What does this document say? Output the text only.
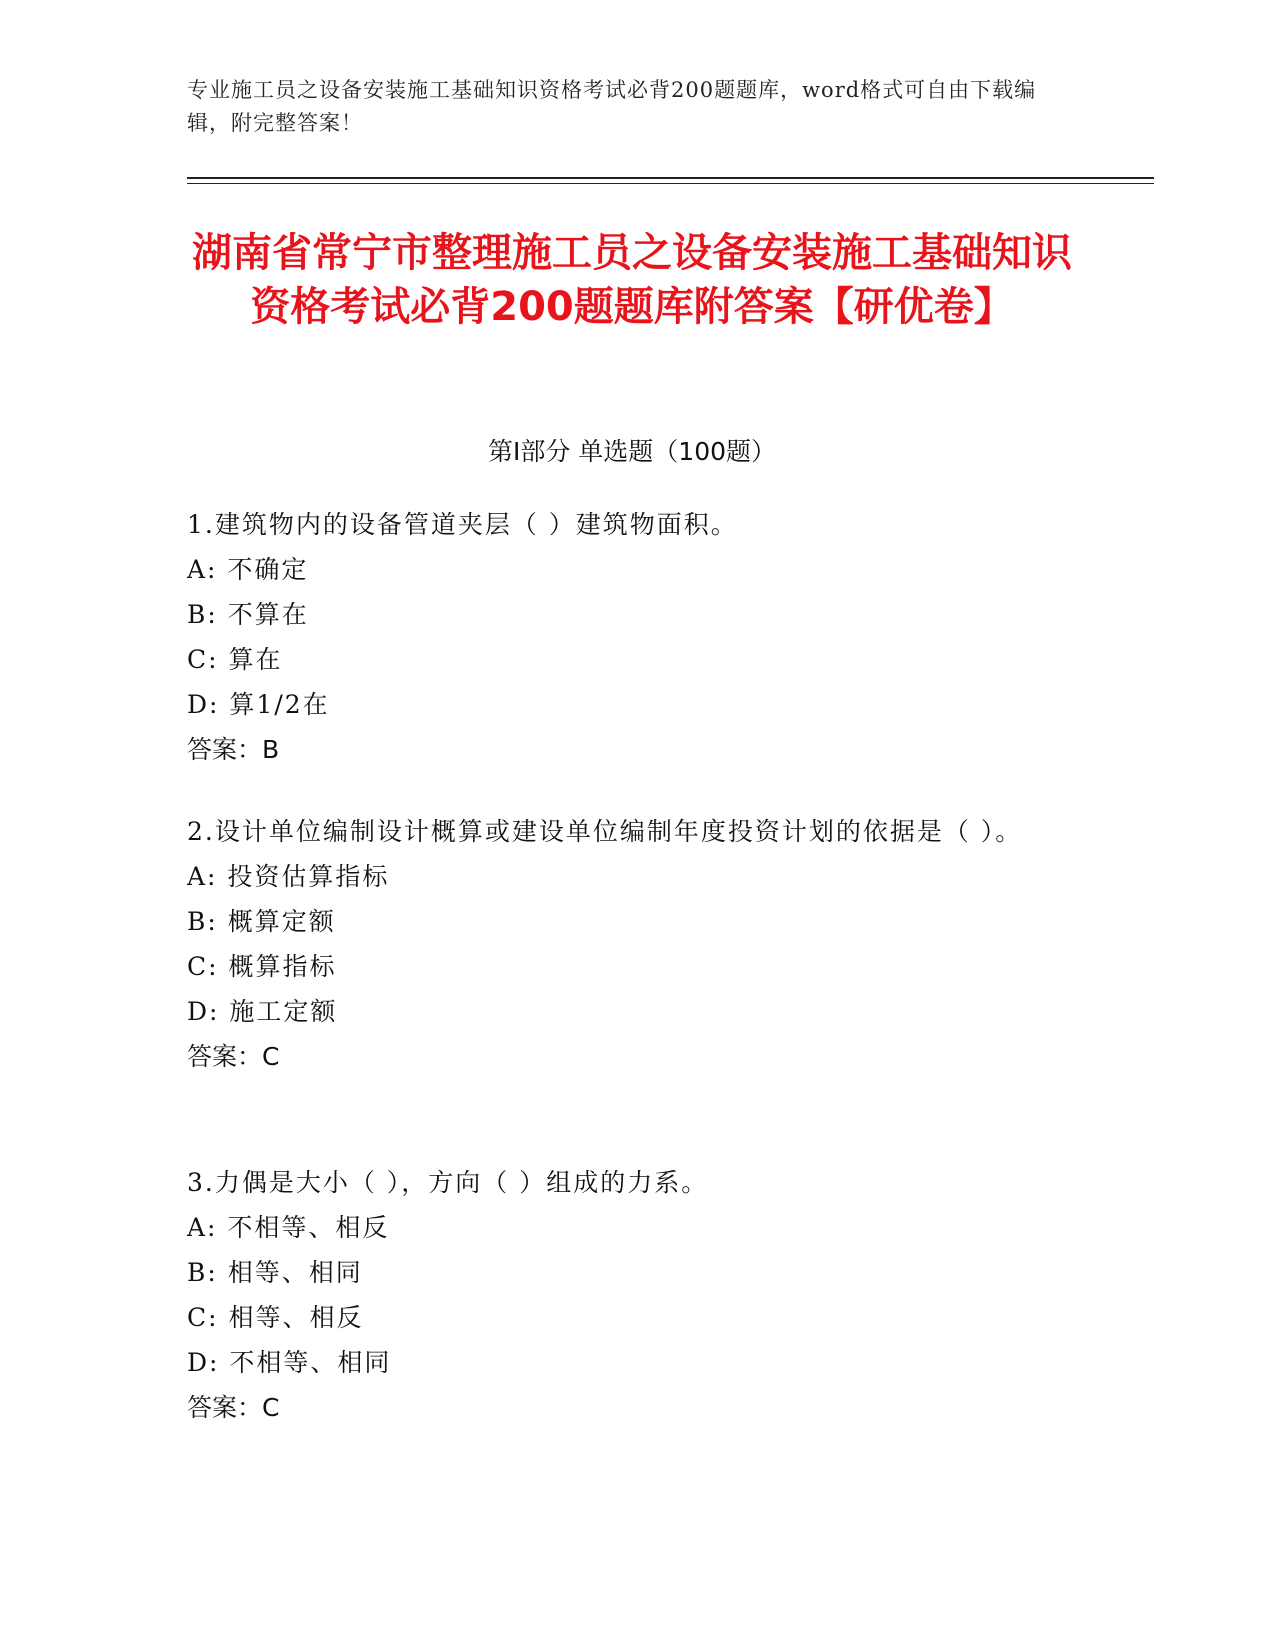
专业施工员之设备安装施工基础知识资格考试必背200题题库，word格式可自由下载编辑，附完整答案！
湖南省常宁市整理施工员之设备安装施工基础知识资格考试必背200题题库附答案【研优卷】
第Ⅰ部分 单选题（100题）

1.建筑物内的设备管道夹层（ ）建筑物面积。

A: 不确定

B: 不算在

C: 算在

D: 算1/2在

答案：B

2.设计单位编制设计概算或建设单位编制年度投资计划的依据是（ ）。

A: 投资估算指标

B: 概算定额

C: 概算指标

D: 施工定额

答案：C

3.力偶是大小（ ），方向（ ）组成的力系。

A: 不相等、相反

B: 相等、相同

C: 相等、相反

D: 不相等、相同

答案：C
